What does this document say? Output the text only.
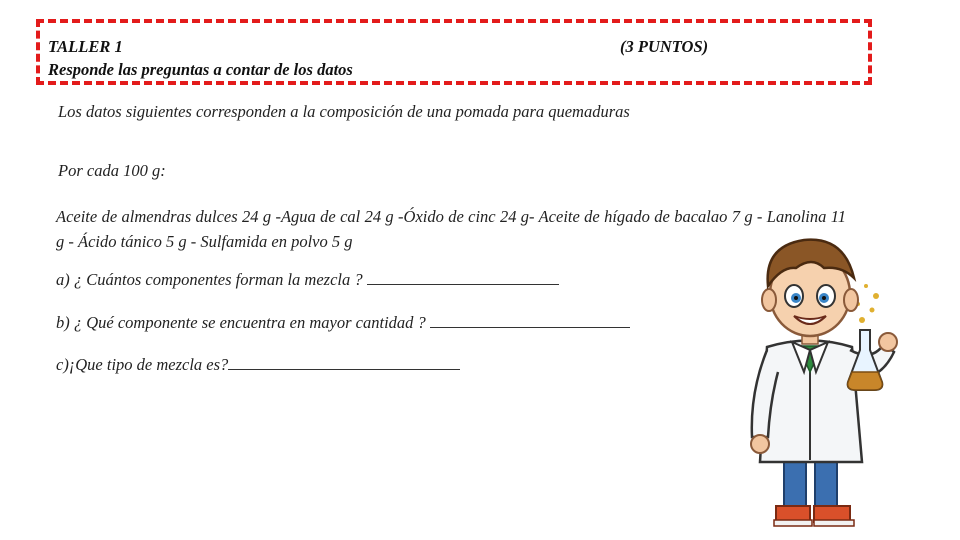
TALLER 1
Responde las preguntas a contar de los datos
(3 PUNTOS)
Los datos siguientes corresponden a la composición de una pomada para quemaduras
Por cada 100 g:
Aceite de almendras dulces 24 g -Agua de cal 24 g -Óxido de cinc 24 g- Aceite de hígado de bacalao 7 g - Lanolina 11 g - Ácido tánico 5 g - Sulfamida en polvo 5 g
a) ¿ Cuántos componentes forman la mezcla ?
b) ¿ Qué componente se encuentra en mayor cantidad ?
c)¡Que tipo de mezcla es?
